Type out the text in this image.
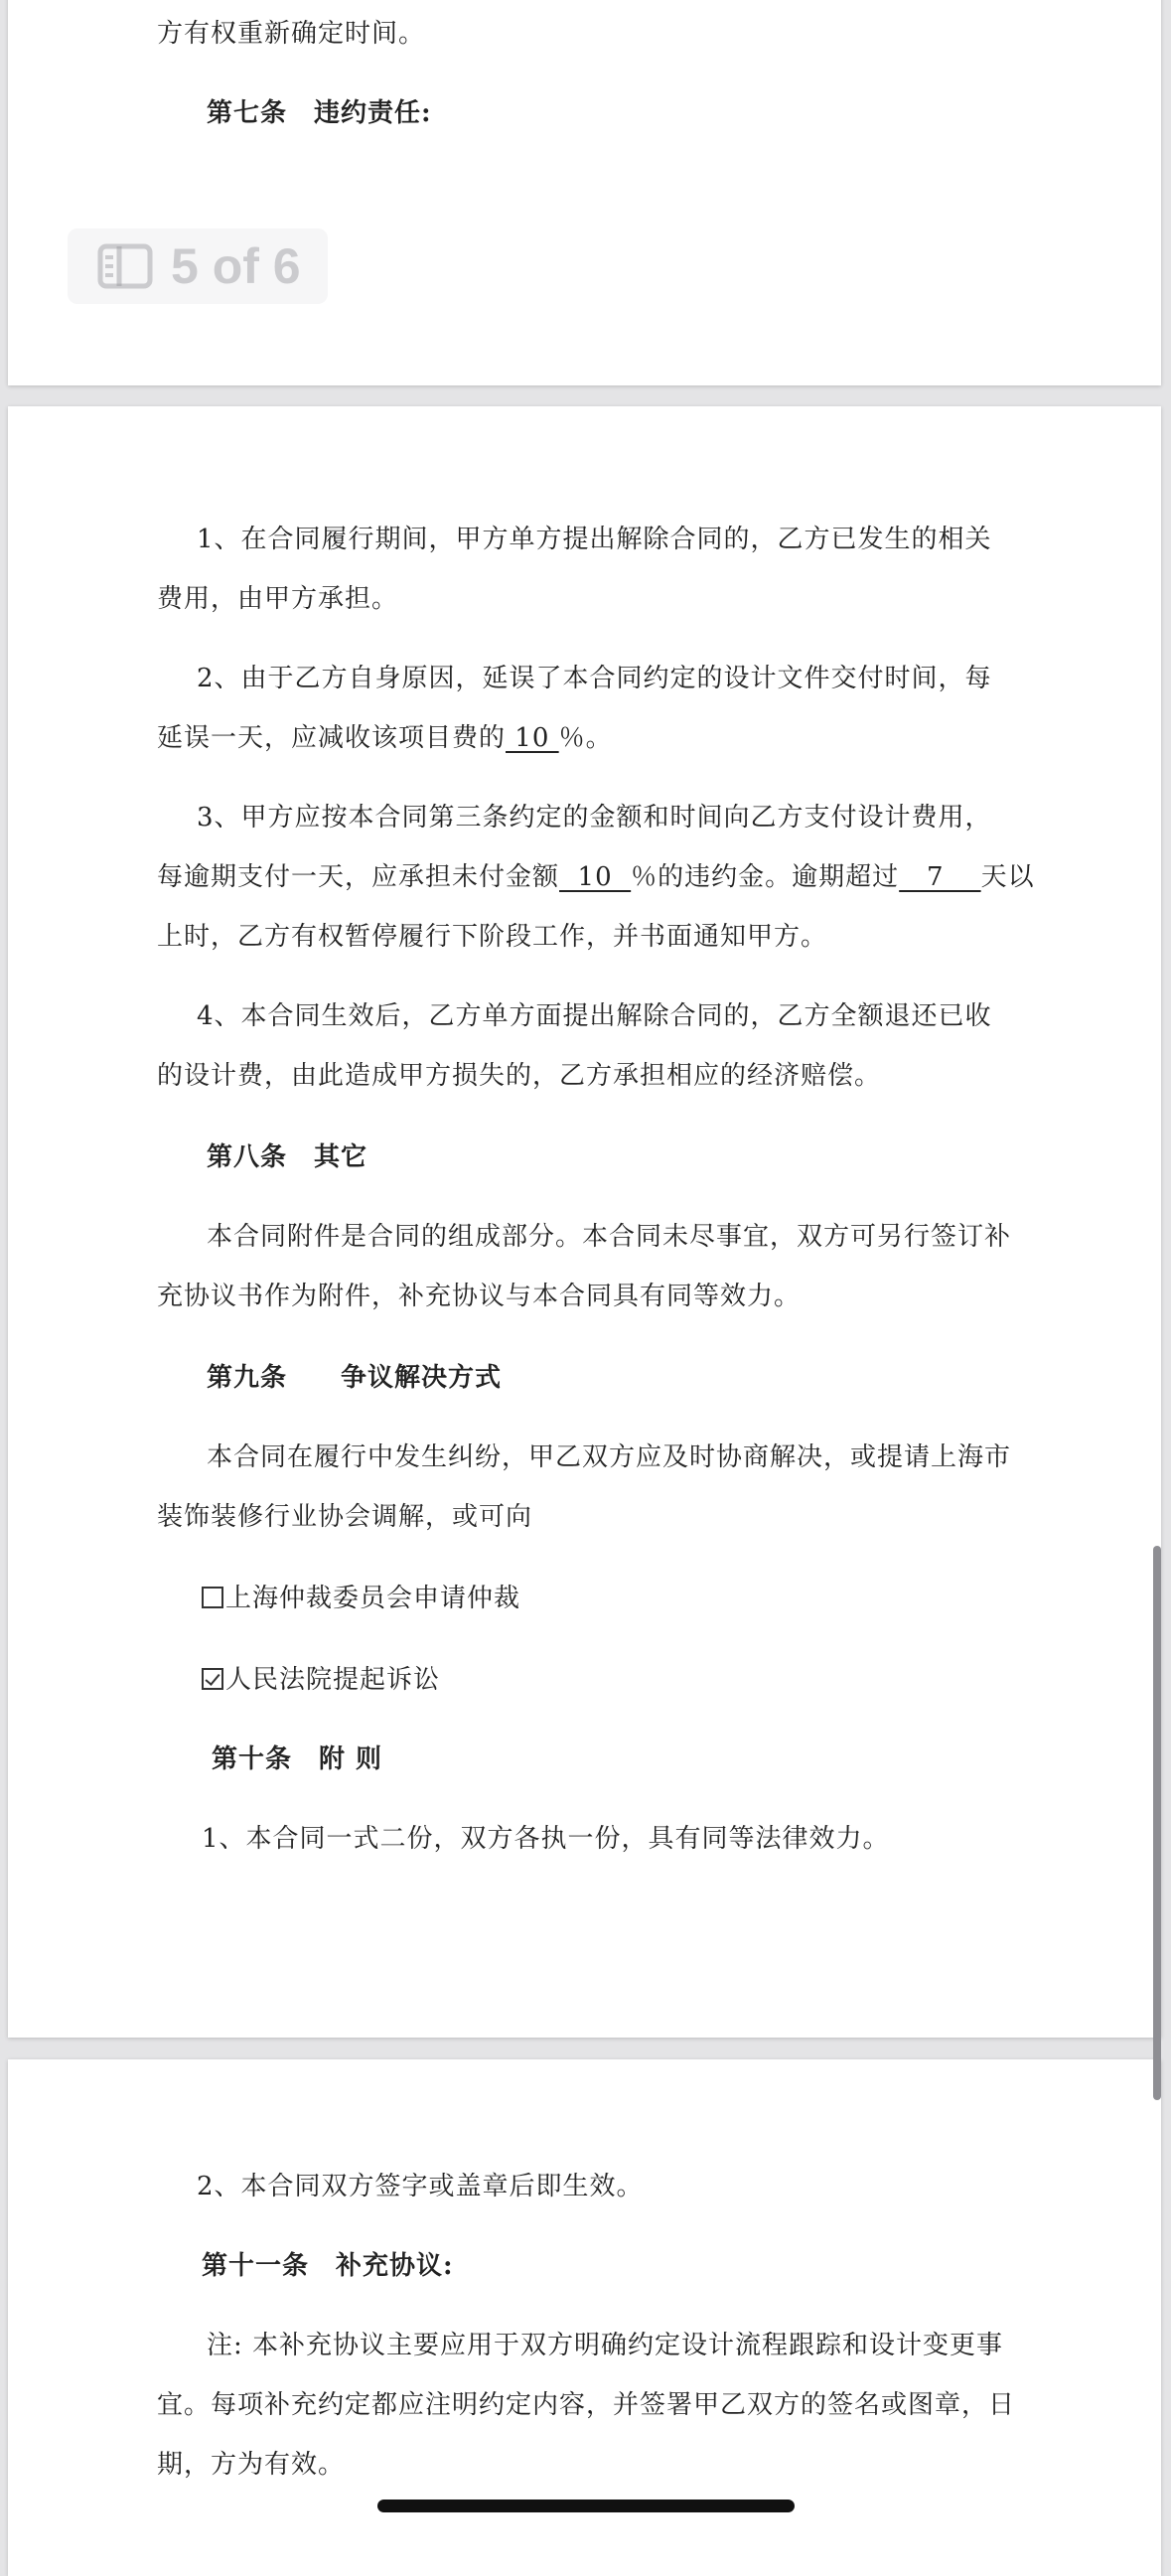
方有权重新确定时间。
第七条　违约责任:
5 of 6
1、在合同履行期间，甲方单方提出解除合同的，乙方已发生的相关
费用，由甲方承担。
2、由于乙方自身原因，延误了本合同约定的设计文件交付时间，每
延误一天，应减收该项目费的 10 ％。
3、甲方应按本合同第三条约定的金额和时间向乙方支付设计费用，
每逾期支付一天，应承担未付金额  10  ％的违约金。逾期超过   7    天以
上时，乙方有权暂停履行下阶段工作，并书面通知甲方。
4、本合同生效后，乙方单方面提出解除合同的，乙方全额退还已收
的设计费，由此造成甲方损失的，乙方承担相应的经济赔偿。
第八条　其它
本合同附件是合同的组成部分。本合同未尽事宜，双方可另行签订补
充协议书作为附件，补充协议与本合同具有同等效力。
第九条　　争议解决方式
本合同在履行中发生纠纷，甲乙双方应及时协商解决，或提请上海市
装饰装修行业协会调解，或可向
上海仲裁委员会申请仲裁
人民法院提起诉讼
第十条　附 则
1、本合同一式二份，双方各执一份，具有同等法律效力。
2、本合同双方签字或盖章后即生效。
第十一条　补充协议:
注: 本补充协议主要应用于双方明确约定设计流程跟踪和设计变更事
宜。每项补充约定都应注明约定内容，并签署甲乙双方的签名或图章，日
期，方为有效。
